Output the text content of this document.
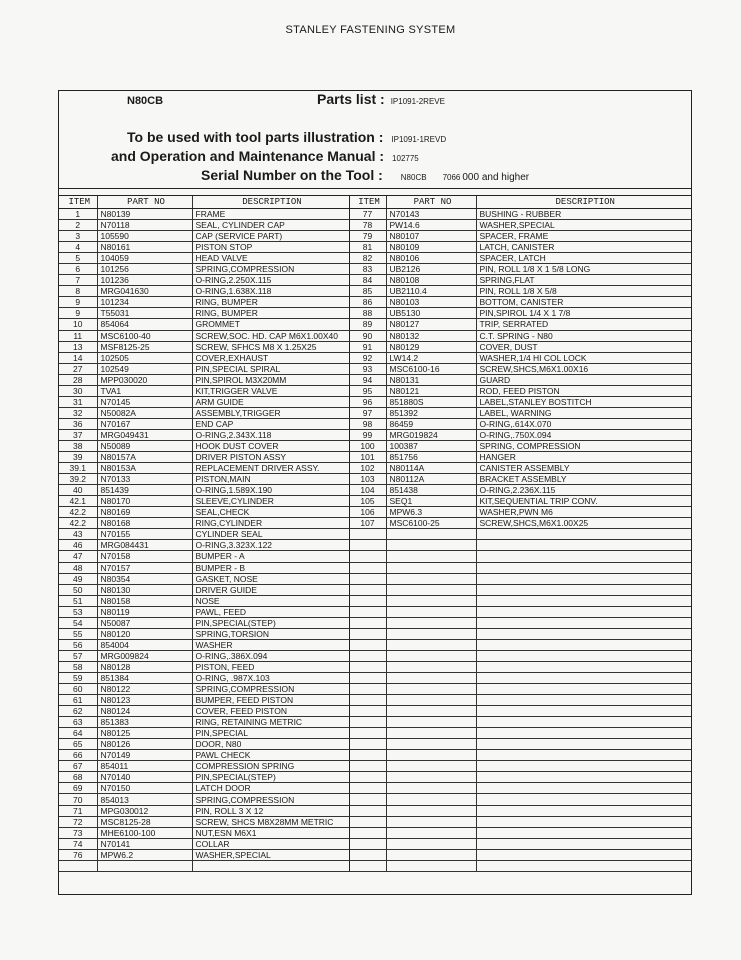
STANLEY FASTENING SYSTEM
N80CB	Parts list : IP1091-2REVE
To be used with tool parts illustration : IP1091-1REVD
and Operation and Maintenance Manual : 102775
Serial Number on the Tool : N80CB 7066 000 and higher
ITEM	PART NO	DESCRIPTION	ITEM	PART NO	DESCRIPTION
1	N80139	FRAME	77	N70143	BUSHING - RUBBER
2	N70118	SEAL, CYLINDER CAP	78	PW14.6	WASHER,SPECIAL
3	105590	CAP (SERVICE PART)	79	N80107	SPACER, FRAME
4	N80161	PISTON STOP	81	N80109	LATCH, CANISTER
5	104059	HEAD VALVE	82	N80106	SPACER, LATCH
6	101256	SPRING,COMPRESSION	83	UB2126	PIN, ROLL 1/8 X 1 5/8 LONG
7	101236	O-RING,2.250X.115	84	N80108	SPRING,FLAT
8	MRG041630	O-RING,1.638X.118	85	UB2110.4	PIN, ROLL 1/8 X 5/8
9	101234	RING, BUMPER	86	N80103	BOTTOM, CANISTER
9	T55031	RING, BUMPER	88	UB5130	PIN,SPIROL 1/4 X 1 7/8
10	854064	GROMMET	89	N80127	TRIP, SERRATED
11	MSC6100-40	SCREW,SOC. HD. CAP M6X1.00X40	90	N80132	C.T. SPRING - N80
13	MSF8125-25	SCREW, SFHCS M8 X 1.25X25	91	N80129	COVER, DUST
14	102505	COVER,EXHAUST	92	LW14.2	WASHER,1/4 HI COL LOCK
27	102549	PIN,SPECIAL SPIRAL	93	MSC6100-16	SCREW,SHCS,M6X1.00X16
28	MPP030020	PIN,SPIROL M3X20MM	94	N80131	GUARD
30	TVA1	KIT,TRIGGER VALVE	95	N80121	ROD, FEED PISTON
31	N70145	ARM GUIDE	96	851880S	LABEL,STANLEY BOSTITCH
32	N50082A	ASSEMBLY,TRIGGER	97	851392	LABEL, WARNING
36	N70167	END CAP	98	86459	O-RING,.614X.070
37	MRG049431	O-RING,2.343X.118	99	MRG019824	O-RING,.750X.094
38	N50089	HOOK DUST COVER	100	100387	SPRING, COMPRESSION
39	N80157A	DRIVER PISTON ASSY	101	851756	HANGER
39.1	N80153A	REPLACEMENT DRIVER ASSY.	102	N80114A	CANISTER ASSEMBLY
39.2	N70133	PISTON,MAIN	103	N80112A	BRACKET ASSEMBLY
40	851439	O-RING,1.589X.190	104	851438	O-RING,2.236X.115
42.1	N80170	SLEEVE,CYLINDER	105	SEQ1	KIT,SEQUENTIAL TRIP CONV.
42.2	N80169	SEAL,CHECK	106	MPW6.3	WASHER,PWN M6
42.2	N80168	RING,CYLINDER	107	MSC6100-25	SCREW,SHCS,M6X1.00X25
43	N70155	CYLINDER SEAL			
46	MRG084431	O-RING,3.323X.122			
47	N70158	BUMPER - A			
48	N70157	BUMPER - B			
49	N80354	GASKET, NOSE			
50	N80130	DRIVER GUIDE			
51	N80158	NOSE			
53	N80119	PAWL, FEED			
54	N50087	PIN,SPECIAL(STEP)			
55	N80120	SPRING,TORSION			
56	854004	WASHER			
57	MRG009824	O-RING,.386X.094			
58	N80128	PISTON, FEED			
59	851384	O-RING, .987X.103			
60	N80122	SPRING,COMPRESSION			
61	N80123	BUMPER, FEED PISTON			
62	N80124	COVER, FEED PISTON			
63	851383	RING, RETAINING METRIC			
64	N80125	PIN,SPECIAL			
65	N80126	DOOR, N80			
66	N70149	PAWL CHECK			
67	854011	COMPRESSION SPRING			
68	N70140	PIN,SPECIAL(STEP)			
69	N70150	LATCH DOOR			
70	854013	SPRING,COMPRESSION			
71	MPG030012	PIN, ROLL 3 X 12			
72	MSC8125-28	SCREW, SHCS M8X28MM METRIC			
73	MHE6100-100	NUT,ESN M6X1			
74	N70141	COLLAR			
76	MPW6.2	WASHER,SPECIAL			
